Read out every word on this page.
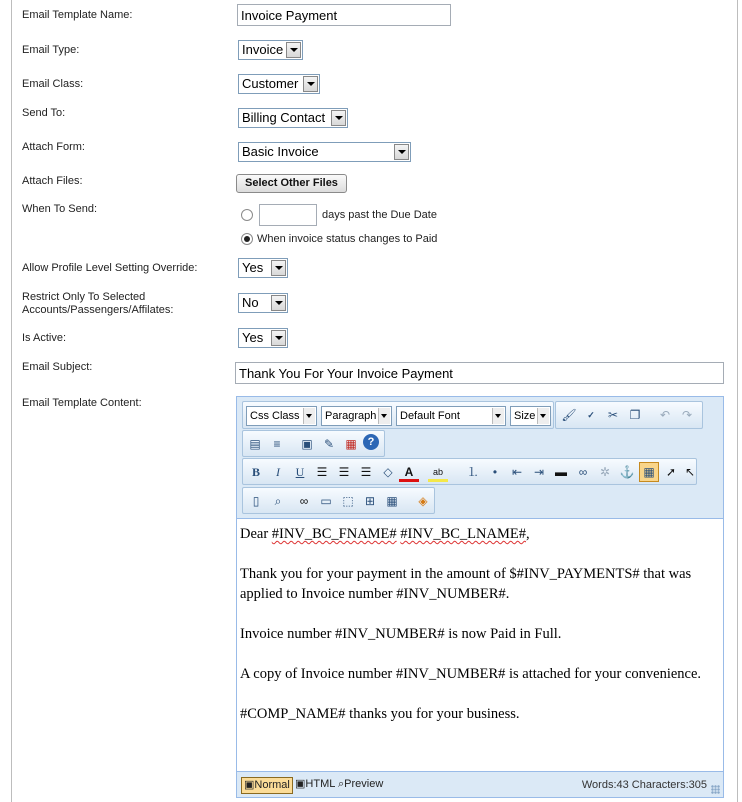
Email Template Name:
Invoice Payment
Email Type:	Invoice
Email Class:	Customer
Send To:	Billing Contact
Attach Form:	Basic Invoice
Attach Files:	Select Other Files
When To Send:	days past the Due Date
When invoice status changes to Paid
Allow Profile Level Setting Override:	Yes
Restrict Only To Selected
Accounts/Passengers/Affilates:	No
Is Active:	Yes
Email Subject:
Thank You For Your Invoice Payment
Email Template Content:
Css Class	Paragraph	Default Font	Size	🖌	✓	✂ ❐	↶ ↷
▤	≡	▣ ✎ ▦ ?
B	I	U	☰ ☰ ☰	◇	A	ab	⒈	•	⇤ ⇥ ▬ ∞	✲ ⚓ ▦ ➚ ↖
▯	⌕	∞	▭ ⬚ ⊞ ▦	◈

Dear #INV_BC_FNAME# #INV_BC_LNAME#,

Thank you for your payment in the amount of $#INV_PAYMENTS# that was applied to Invoice number #INV_NUMBER#.

Invoice number #INV_NUMBER# is now Paid in Full.

A copy of Invoice number #INV_NUMBER# is attached for your convenience.

#COMP_NAME# thanks you for your business.

▣Normal ▣HTML ⌕Preview	Words:43 Characters:305
